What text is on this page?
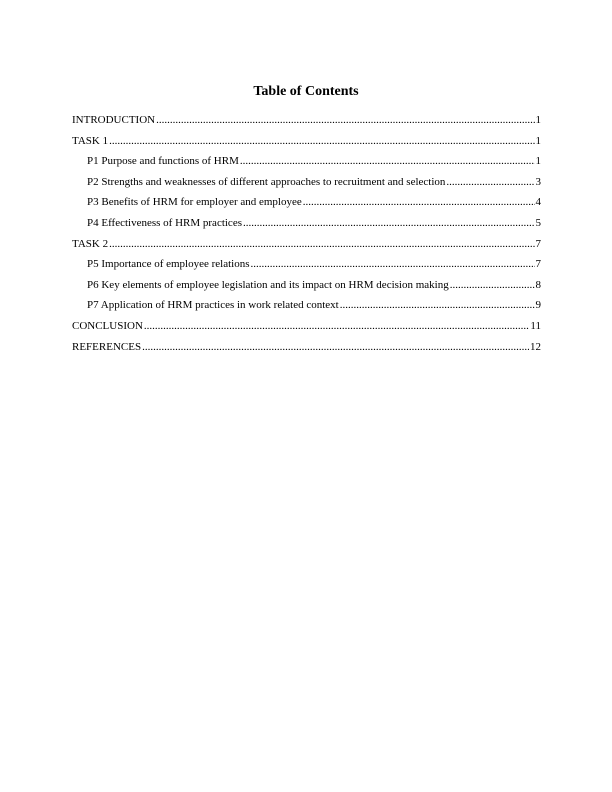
Table of Contents
INTRODUCTION .....	1
TASK 1 .....	1
P1 Purpose and functions of HRM .....	1
P2 Strengths and weaknesses of different approaches to recruitment and selection .....	3
P3 Benefits of HRM for employer and employee .....	4
P4 Effectiveness of HRM practices .....	5
TASK 2 .....	7
P5 Importance of employee relations .....	7
P6 Key elements of employee legislation and its impact on HRM decision making .....	8
P7 Application of HRM practices in work related context .....	9
CONCLUSION .....	11
REFERENCES .....	12
